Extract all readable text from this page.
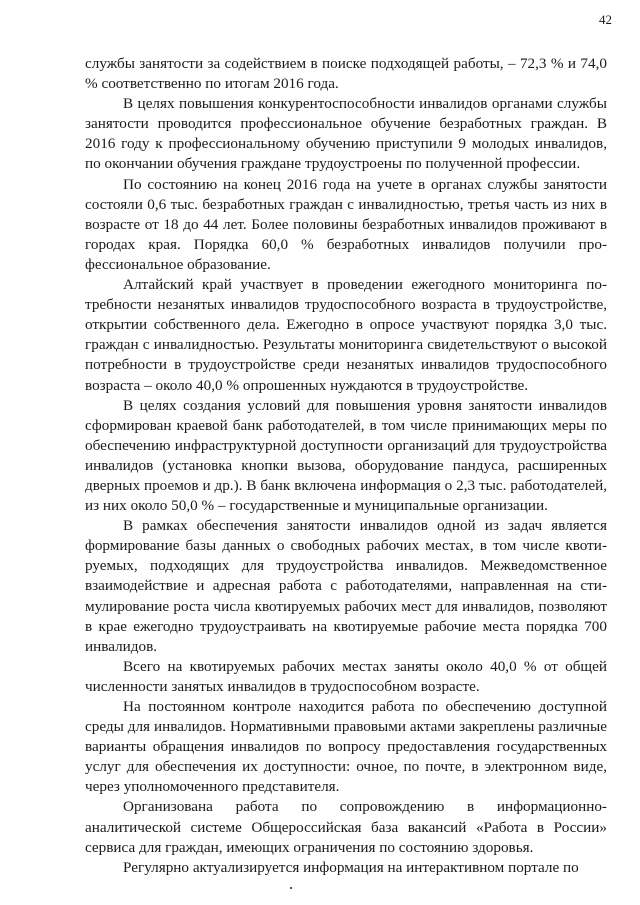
42

службы занятости за содействием в поиске подходящей работы, – 72,3 % и 74,0 % соответственно по итогам 2016 года.

В целях повышения конкурентоспособности инвалидов органами службы занятости проводится профессиональное обучение безработных граждан. В 2016 году к профессиональному обучению приступили 9 молодых инвалидов, по окончании обучения граждане трудоустроены по полученной профессии.

По состоянию на конец 2016 года на учете в органах службы занятости состояли 0,6 тыс. безработных граждан с инвалидностью, третья часть из них в возрасте от 18 до 44 лет. Более половины безработных инвалидов проживают в городах края. Порядка 60,0 % безработных инвалидов получили профессиональное образование.

Алтайский край участвует в проведении ежегодного мониторинга потребности незанятых инвалидов трудоспособного возраста в трудоустройстве, открытии собственного дела. Ежегодно в опросе участвуют порядка 3,0 тыс. граждан с инвалидностью. Результаты мониторинга свидетельствуют о высокой потребности в трудоустройстве среди незанятых инвалидов трудоспособного возраста – около 40,0 % опрошенных нуждаются в трудоустройстве.

В целях создания условий для повышения уровня занятости инвалидов сформирован краевой банк работодателей, в том числе принимающих меры по обеспечению инфраструктурной доступности организаций для трудоустройства инвалидов (установка кнопки вызова, оборудование пандуса, расширенных дверных проемов и др.). В банк включена информация о 2,3 тыс. работодателей, из них около 50,0 % – государственные и муниципальные организации.

В рамках обеспечения занятости инвалидов одной из задач является формирование базы данных о свободных рабочих местах, в том числе квотируемых, подходящих для трудоустройства инвалидов. Межведомственное взаимодействие и адресная работа с работодателями, направленная на стимулирование роста числа квотируемых рабочих мест для инвалидов, позволяют в крае ежегодно трудоустраивать на квотируемые рабочие места порядка 700 инвалидов.

Всего на квотируемых рабочих местах заняты около 40,0 % от общей численности занятых инвалидов в трудоспособном возрасте.

На постоянном контроле находится работа по обеспечению доступной среды для инвалидов. Нормативными правовыми актами закреплены различные варианты обращения инвалидов по вопросу предоставления государственных услуг для обеспечения их доступности: очное, по почте, в электронном виде, через уполномоченного представителя.

Организована работа по сопровождению в информационно-аналитической системе Общероссийская база вакансий «Работа в России» сервиса для граждан, имеющих ограничения по состоянию здоровья.

Регулярно актуализируется информация на интерактивном портале по
